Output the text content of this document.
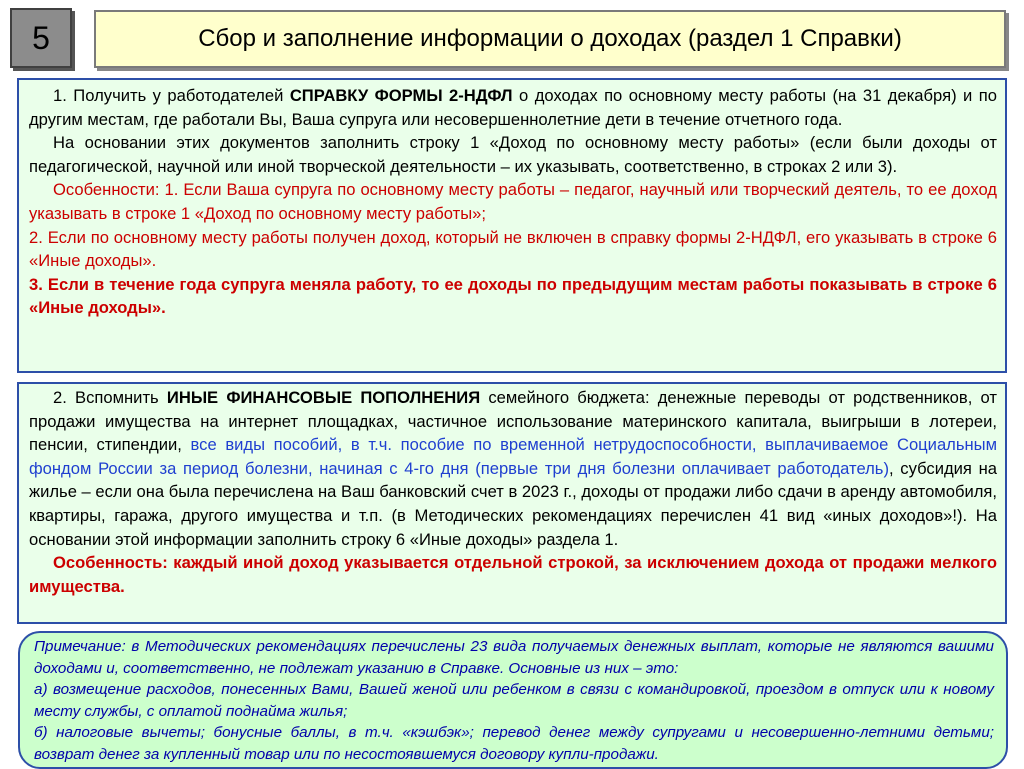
5	Сбор и заполнение информации о доходах (раздел 1 Справки)

1. Получить у работодателей СПРАВКУ ФОРМЫ 2-НДФЛ о доходах по основному месту работы (на 31 декабря) и по другим местам, где работали Вы, Ваша супруга или несовершеннолетние дети в течение отчетного года.

На основании этих документов заполнить строку 1 «Доход по основному месту работы» (если были доходы от педагогической, научной или иной творческой деятельности – их указывать, соответственно, в строках 2 или 3).

Особенности: 1. Если Ваша супруга по основному месту работы – педагог, научный или творческий деятель, то ее доход указывать в строке 1 «Доход по основному месту работы»;

2. Если по основному месту работы получен доход, который не включен в справку формы 2-НДФЛ, его указывать в строке 6 «Иные доходы».

3. Если в течение года супруга меняла работу, то ее доходы по предыдущим местам работы показывать в строке 6 «Иные доходы».

2. Вспомнить ИНЫЕ ФИНАНСОВЫЕ ПОПОЛНЕНИЯ семейного бюджета: денежные переводы от родственников, от продажи имущества на интернет площадках, частичное использование материнского капитала, выигрыши в лотереи, пенсии, стипендии, все виды пособий, в т.ч. пособие по временной нетрудоспособности, выплачиваемое Социальным фондом России за период болезни, начиная с 4-го дня (первые три дня болезни оплачивает работодатель), субсидия на жилье – если она была перечислена на Ваш банковский счет в 2023 г., доходы от продажи либо сдачи в аренду автомобиля, квартиры, гаража, другого имущества и т.п. (в Методических рекомендациях перечислен 41 вид «иных доходов»!). На основании этой информации заполнить строку 6 «Иные доходы» раздела 1.

Особенность: каждый иной доход указывается отдельной строкой, за исключением дохода от продажи мелкого имущества.

Примечание: в Методических рекомендациях перечислены 23 вида получаемых денежных выплат, которые не являются вашими доходами и, соответственно, не подлежат указанию в Справке. Основные из них – это:

а) возмещение расходов, понесенных Вами, Вашей женой или ребенком в связи с командировкой, проездом в отпуск или к новому месту службы, с оплатой поднайма жилья;

б) налоговые вычеты; бонусные баллы, в т.ч. «кэшбэк»; перевод денег между супругами и несовершенно-летними детьми; возврат денег за купленный товар или по несостоявшемуся договору купли-продажи.
